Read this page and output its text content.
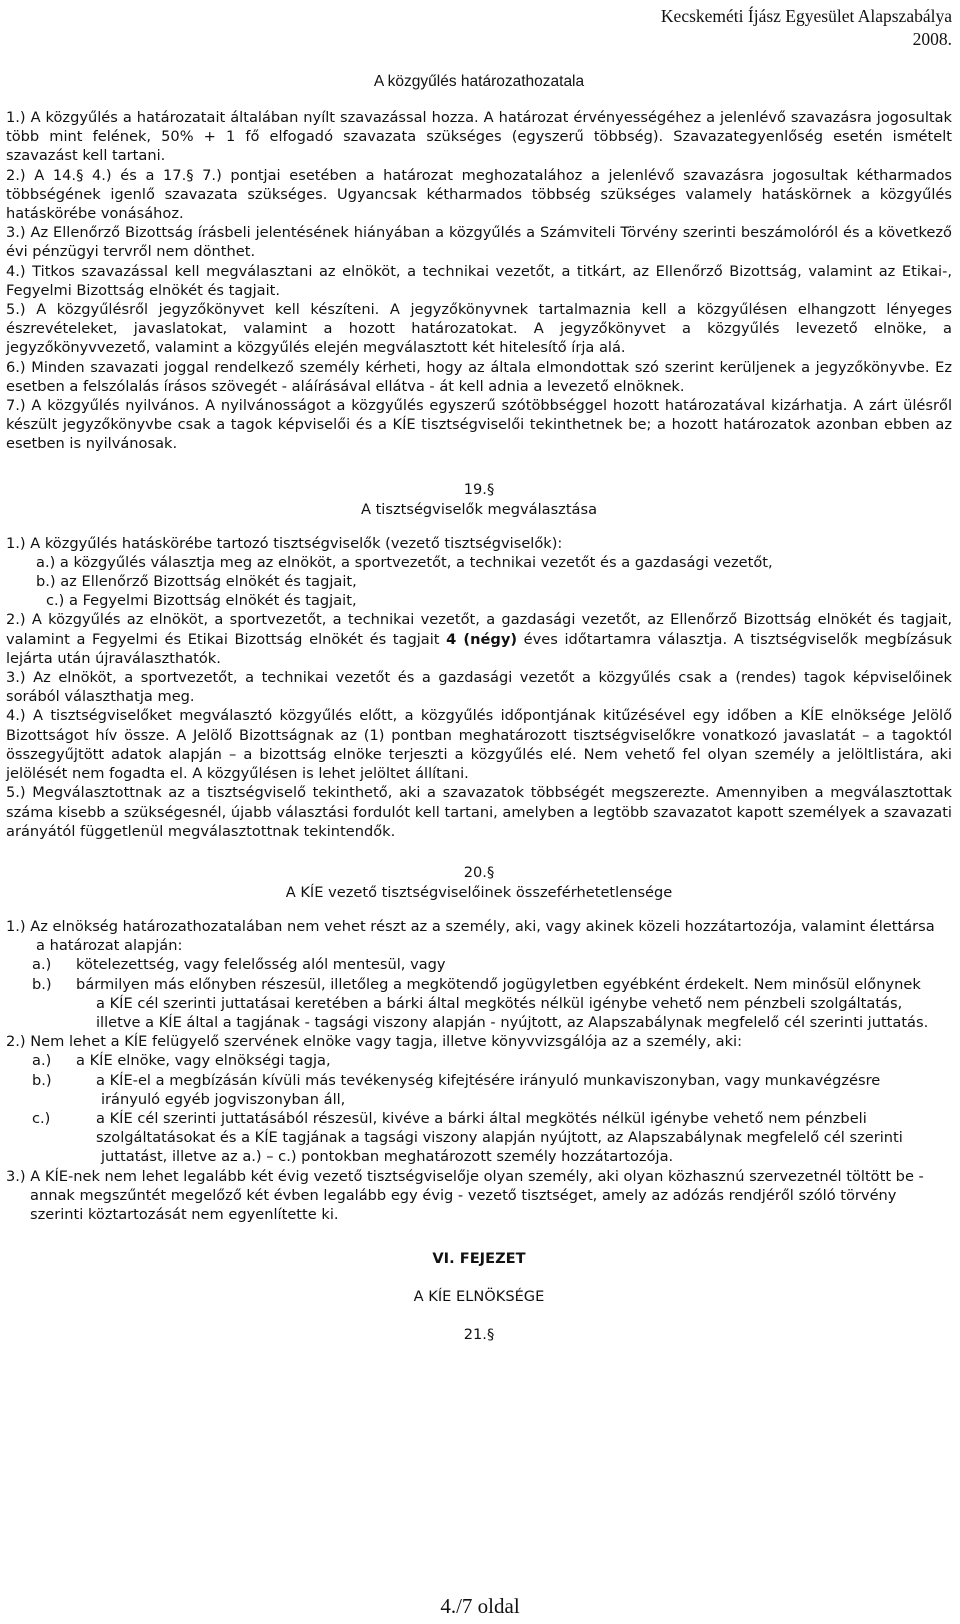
Kecskeméti Íjász Egyesület Alapszabálya
2008.
A közgyűlés határozathozatala

1.) A közgyűlés a határozatait általában nyílt szavazással hozza. A határozat érvényességéhez a jelenlévő szavazásra jogosultak több mint felének, 50% + 1 fő elfogadó szavazata szükséges (egyszerű többség). Szavazategyenlőség esetén ismételt szavazást kell tartani.

2.) A 14.§ 4.) és a 17.§ 7.) pontjai esetében a határozat meghozatalához a jelenlévő szavazásra jogosultak kétharmados többségének igenlő szavazata szükséges. Ugyancsak kétharmados többség szükséges valamely hatáskörnek a közgyűlés hatáskörébe vonásához.

3.) Az Ellenőrző Bizottság írásbeli jelentésének hiányában a közgyűlés a Számviteli Törvény szerinti beszámolóról és a következő évi pénzügyi tervről nem dönthet.

4.) Titkos szavazással kell megválasztani az elnököt, a technikai vezetőt, a titkárt, az Ellenőrző Bizottság, valamint az Etikai-, Fegyelmi Bizottság elnökét és tagjait.

5.) A közgyűlésről jegyzőkönyvet kell készíteni. A jegyzőkönyvnek tartalmaznia kell a közgyűlésen elhangzott lényeges észrevételeket, javaslatokat, valamint a hozott határozatokat. A jegyzőkönyvet a közgyűlés levezető elnöke, a jegyzőkönyvvezető, valamint a közgyűlés elején megválasztott két hitelesítő írja alá.

6.) Minden szavazati joggal rendelkező személy kérheti, hogy az általa elmondottak szó szerint kerüljenek a jegyzőkönyvbe. Ez esetben a felszólalás írásos szövegét - aláírásával ellátva - át kell adnia a levezető elnöknek.

7.) A közgyűlés nyilvános. A nyilvánosságot a közgyűlés egyszerű szótöbbséggel hozott határozatával kizárhatja. A zárt ülésről készült jegyzőkönyvbe csak a tagok képviselői és a KÍE tisztségviselői tekinthetnek be; a hozott határozatok azonban ebben az esetben is nyilvánosak.

19.§
A tisztségviselők megválasztása

1.) A közgyűlés hatáskörébe tartozó tisztségviselők (vezető tisztségviselők):

a.) a közgyűlés választja meg az elnököt, a sportvezetőt, a technikai vezetőt és a gazdasági vezetőt,

b.) az Ellenőrző Bizottság elnökét és tagjait,

c.) a Fegyelmi Bizottság elnökét és tagjait,

2.) A közgyűlés az elnököt, a sportvezetőt, a technikai vezetőt, a gazdasági vezetőt, az Ellenőrző Bizottság elnökét és tagjait, valamint a Fegyelmi és Etikai Bizottság elnökét és tagjait 4 (négy) éves időtartamra választja. A tisztségviselők megbízásuk lejárta után újraválaszthatók.

3.) Az elnököt, a sportvezetőt, a technikai vezetőt és a gazdasági vezetőt a közgyűlés csak a (rendes) tagok képviselőinek sorából választhatja meg.

4.) A tisztségviselőket megválasztó közgyűlés előtt, a közgyűlés időpontjának kitűzésével egy időben a KÍE elnöksége Jelölő Bizottságot hív össze. A Jelölő Bizottságnak az (1) pontban meghatározott tisztségviselőkre vonatkozó javaslatát – a tagoktól összegyűjtött adatok alapján – a bizottság elnöke terjeszti a közgyűlés elé. Nem vehető fel olyan személy a jelöltlistára, aki jelölését nem fogadta el. A közgyűlésen is lehet jelöltet állítani.

5.) Megválasztottnak az a tisztségviselő tekinthető, aki a szavazatok többségét megszerezte. Amennyiben a megválasztottak száma kisebb a szükségesnél, újabb választási fordulót kell tartani, amelyben a legtöbb szavazatot kapott személyek a szavazati arányától függetlenül megválasztottnak tekintendők.

20.§
A KÍE vezető tisztségviselőinek összeférhetetlensége

1.) Az elnökség határozathozatalában nem vehet részt az a személy, aki, vagy akinek közeli hozzátartozója, valamint élettársa

a határozat alapján:

a.)	kötelezettség, vagy felelősség alól mentesül, vagy
b.) bármilyen más előnyben részesül, illetőleg a megkötendő jogügyletben egyébként érdekelt. Nem minősül előnynek
a KÍE cél szerinti juttatásai keretében a bárki által megkötés nélkül igénybe vehető nem pénzbeli szolgáltatás,
illetve a KÍE által a tagjának - tagsági viszony alapján - nyújtott, az Alapszabálynak megfelelő cél szerinti juttatás.

2.) Nem lehet a KÍE felügyelő szervének elnöke vagy tagja, illetve könyvvizsgálója az a személy, aki:

a.)	a KÍE elnöke, vagy elnökségi tagja,
b.)	a KÍE-el a megbízásán kívüli más tevékenység kifejtésére irányuló munkaviszonyban, vagy munkavégzésre
irányuló egyéb jogviszonyban áll,
c.)	a KÍE cél szerinti juttatásából részesül, kivéve a bárki által megkötés nélkül igénybe vehető nem pénzbeli
szolgáltatásokat és a KÍE tagjának a tagsági viszony alapján nyújtott, az Alapszabálynak megfelelő cél szerinti
juttatást, illetve az a.) – c.) pontokban meghatározott személy hozzátartozója.

3.) A KÍE-nek nem lehet legalább két évig vezető tisztségviselője olyan személy, aki olyan közhasznú szervezetnél töltött be -

annak megszűntét megelőző két évben legalább egy évig - vezető tisztséget, amely az adózás rendjéről szóló törvény
szerinti köztartozását nem egyenlítette ki.
VI. FEJEZET
A KÍE ELNÖKSÉGE
21.§
4./7 oldal
